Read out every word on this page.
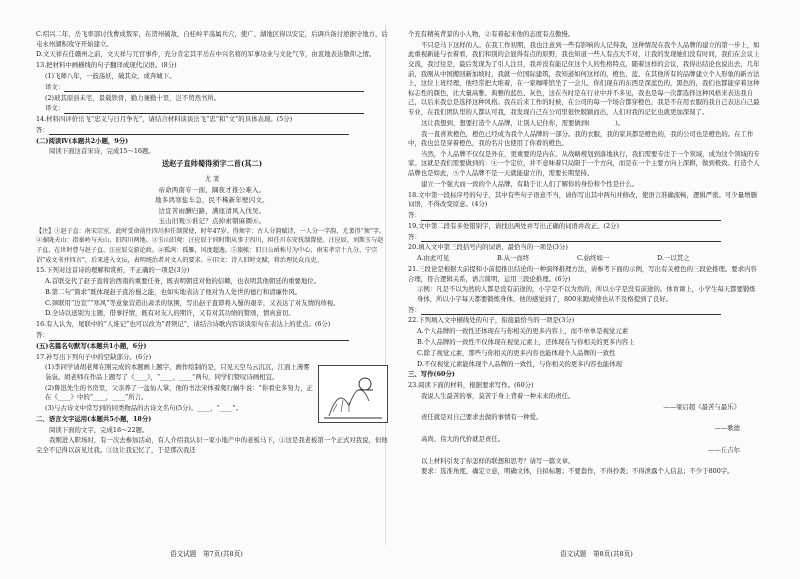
C.绍兴二年，岳飞率部讨伐曹成叛军，在贺州破敌，自桂岭平荡属兵穴，使广、湖地区得以安定，后调兵备讨逆据守地方，后屯永州湖积攻守开始建立。

D.文天祥在任赣州之前，文天祥与冗官事件，充分肯定其平岳在中兴名将的军事功业与文化气节，由衷地表达敬仰之情。

13.把材料中画横线的句子翻译成现代汉语。(8分)

(1)飞师八年，一鼓荡妖，破其众，或奔城下。

译文：

(2)玻其原县未宅，景载铁骨，勤力兼勤十里，岂不贸然书所。

译文：

14.材料四评价岳飞“忠义与日月争光”，请结合材料谈谈岳飞“忠”和“文”的具体表现。(5分)

答：

(二)阅读Ⅳ(本题共2小题，9分)

阅读下面这首宋诗，完成15～16题。

送赵子直帅蜀得须字二首(其二)

尤 袤

帝命两南专一面，隅夜才推公难入。

地多鸿寒盐车急，民不稀新年壁闪文。

边宣苦雨酬归路，满座清风入伐吴。

玉山旧观⑤谁记？点掉索朝麻圈⑥。

【注】①赵子直：南宋宗室，此时受命前往四川担任制置使，时年47岁。得须字：古人分韵赋诗，一人分一字韵，尤袤得“须”字。②秦陇天山：指秦岭与天山，旧四川两地。③玉山旧观：汪应辰于同时期从事于四川，担任川东安抚制置使。汪应辰、刘斯玉与赵子直，在世时曹与赵子直、汪应辰交游论政。④孤鸿：孤雁，风度超逸。⑤旅帐：旧日公函称号为中心，南宋孝宗十九分、宁宗诏“成文书并四言”，后来进入文坛，表明统治者对文人的要求。⑥旧文：诗人旧时文赋，将治理民众良吏。

15.下列对这首诗的理解和赏析，不正确的一项是(3分)

A.首联交代了赵子直将治西南的重要任务，既表明朝廷对他的信赖，也表明其他朝廷的重要地位。

B.第二句“简求”既体现赵子直治蜀之能，也如实地表达了他对为人处世的德行和清廉作风。

C.颈联用“边宣”“寒风”等意象营造出肃杀的氛围，写出赵子直即将入蜀的艰辛，又表达了对友情的珍视。

D.全诗以送别为主题，借事抒情，既有对友人的期许，又有对其功绩的赞颂，情真意切。

16.有人认为，尾联中的“人谁记”也可以改为“君须记”，请结合诗歌内容谈谈原句在表达上的优点。(6分)

答：

(五)名篇名句默写(本题共1小题，6分)

17.补写出下列句子中的空缺部分。(6分)

(1)李同学请胡老师在刚完成的本题画上题字，画作绘制的是，只见天空鸟云沉沉，江面上薄雾袅袅。胡老师在作品上题写了《____》，“____，____”两句，同学们赞叹诗画相宜。

(2)鲁迅先生的书房里，父亲养了一盆仙人掌，他的书法宋体着爬行蜗牛说：“你看史多努力，正在《____》中的“____，____”所言。

(3)与古诗文中常写到的同类物品的古诗文名句(5分)。____，“____”。

二、语言文字运用(本题共5小题，18分)

阅读下面的文字，完成18～22题。

我刚进入职场时，有一次去参加活动，有人介绍我认识一家小地产中的老板马下，①这是我老板第一个正式对我说，但他完全不记得以前见过我。③这让我记忆了，于是那次我还

个充有精英背景的小人物，②有着起来他的态度有点傲慢。

不只是马下这样的人。在我工作初期，我也注意到一些有影响的人记得我，这种情况在我个人品牌的建立的第一步上，如此重视新能与衣着看，我们和别的会显得有点的原野，我也知道一些人有点大不对，让我的发现她们没有时间，我们在会议上交流，我过往是，最后发现为了引人注目，我并没有能记住这个人的性格特点，随着这样的会议，我得出结论也说出去，几年前，我刚从中国搬回新加坡时，我就一位国际建筑，我知道如何这样的，橙色、蓝、在其他所有的品牌建立个人形象的新方法上，这位上班经理，他经常把大堆着，在一家咖啡馆坐了一会儿，你们现在的东西是深蓝色的，黑色的，我们也都能穿着这种标志性的颜色，比大量高雅、典雅的蓝色、灰色，这在当时是在行业中并不多见，我也是每一次都选择这种风格来表达我自己，以后来我总是选择这种风格。我在后来工作的时候，在公司的每一个场合都穿橙色，我是不在用衣服的我自己表达自己最专业，在我们团队里的人都认可我，我发现自己在公司里很快脱颖而出，人们对我的记忆也就更加深刻了。

这让我想到，想要打造个人品牌，让别人记住你，需要做到(　　　　)。

我一直喜欢橙色，橙色已经成为我个人品牌的一部分。我的衣服，我的家具都是橙色的，我的公司也是橙色的。在工作中，我也总是穿着橙色，我的名片也使用了你看的橙色。

当然，个人品牌不仅仅是外在，更重要的是内在。从战略规划到落地执行，我们需要专注于一个领域，成为这个领域的专家。这就是我们需要做到的：④一个定位，并不意味着只局限于一个方向，而是在一个主要方向上深耕，做到极致。打造个人品牌也是如此，⑤个人品牌不是一天就能建立的，需要长期坚持。

建立一个强大而一致的个人品牌，有助于让人们了解你的身份和个性是什么。

18.文中第一段标序号的句子，其中有些句子语意不当，请你写出其中两句并修改，使语言准确流畅，逻辑严密。可少量增删词语，不得改变原意。(4分)

答：

19.文中第二段有多处错别字，请找出两处并写出正确的词语并改正。(2分)

答：

20.填入文中第三段括号内的词语，最恰当的一项是(3分)

A.由此可见	B.从一而终	C.始终如一	D.一以贯之

21.三段论是根据大前提和小前提推出结论的一种演绎推理方法，请参考下面的示例，写出有关橙色的三段论推理。要求内容合理，符合逻辑关系，语言简明，运用三段论推理。(6分)

示例：凡是不以为然的人都是没有前途的，小宇是不以为然的，所以小宇是没有前途的。体育课上，小学生每天都要锻炼身体，所以小宇每天都要锻炼身体，他的感觉到了，800米跑成绩也从不及格提到了良好。

答：

22.下列填入文中横线处的句子，衔接最恰当的一项是(3分)

A.个人品牌的一致性还体现在与你相关的更多内容上，而不单单是视觉元素

B.个人品牌的一致性不仅体现在视觉元素上，还体现在与你相关的更多内容上

C.除了视觉元素，那些与你相关的更多内容也能体现个人品牌的一致性

D.不仅视觉元素能体现个人品牌的一致性，与你相关的更多内容也能体现

三、写作(60分)

23.阅读下面的材料，根据要求写作。(60分)

我说人生最苦的事，莫苦于身上背着一种未来的责任。

——梁启超《最苦与最乐》

责任就是对自己要求去做的事情有一种爱。

——歌德

高尚、伟大的代价就是责任。

——丘吉尔

以上材料引发了你怎样的联想和思考？请写一篇文章。

要求：选准角度，确定立意，明确文体，自拟标题；不要套作，不得抄袭；不得泄露个人信息；不少于800字。

语文试题　第7页(共8页)	语文试题　第8页(共8页)
